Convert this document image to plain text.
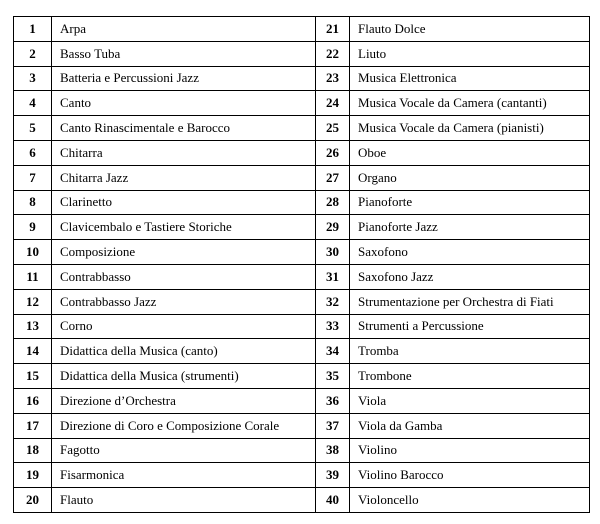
1	Arpa	21	Flauto Dolce
2	Basso Tuba	22	Liuto
3	Batteria e Percussioni Jazz	23	Musica Elettronica
4	Canto	24	Musica Vocale da Camera (cantanti)
5	Canto Rinascimentale e Barocco	25	Musica Vocale da Camera (pianisti)
6	Chitarra	26	Oboe
7	Chitarra Jazz	27	Organo
8	Clarinetto	28	Pianoforte
9	Clavicembalo e Tastiere Storiche	29	Pianoforte Jazz
10	Composizione	30	Saxofono
11	Contrabbasso	31	Saxofono Jazz
12	Contrabbasso Jazz	32	Strumentazione per Orchestra di Fiati
13	Corno	33	Strumenti a Percussione
14	Didattica della Musica (canto)	34	Tromba
15	Didattica della Musica (strumenti)	35	Trombone
16	Direzione d’Orchestra	36	Viola
17	Direzione di Coro e Composizione Corale	37	Viola da Gamba
18	Fagotto	38	Violino
19	Fisarmonica	39	Violino Barocco
20	Flauto	40	Violoncello
